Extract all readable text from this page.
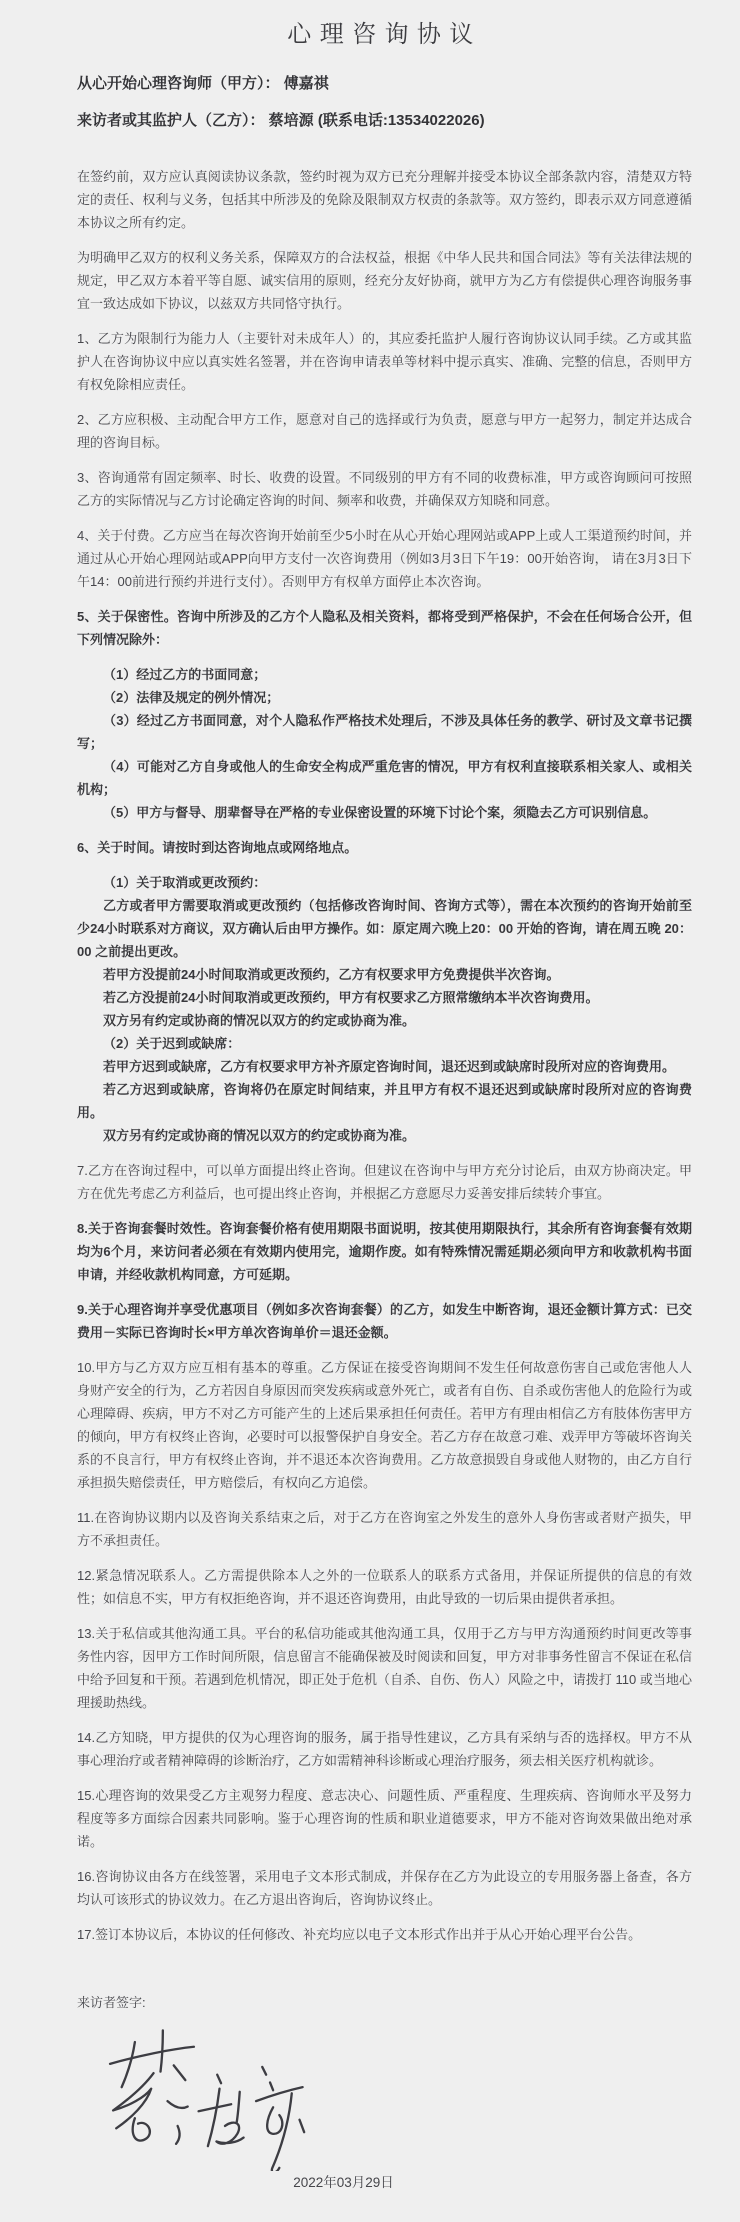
心理咨询协议

从心开始心理咨询师（甲方）： 傅嘉祺

来访者或其监护人（乙方）： 蔡培源 (联系电话:13534022026)

在签约前，双方应认真阅读协议条款，签约时视为双方已充分理解并接受本协议全部条款内容，清楚双方特定的责任、权利与义务，包括其中所涉及的免除及限制双方权责的条款等。双方签约，即表示双方同意遵循本协议之所有约定。

为明确甲乙双方的权利义务关系，保障双方的合法权益，根据《中华人民共和国合同法》等有关法律法规的规定，甲乙双方本着平等自愿、诚实信用的原则，经充分友好协商，就甲方为乙方有偿提供心理咨询服务事宜一致达成如下协议，以兹双方共同恪守执行。

1、乙方为限制行为能力人（主要针对未成年人）的，其应委托监护人履行咨询协议认同手续。乙方或其监护人在咨询协议中应以真实姓名签署，并在咨询申请表单等材料中提示真实、准确、完整的信息，否则甲方有权免除相应责任。

2、乙方应积极、主动配合甲方工作，愿意对自己的选择或行为负责，愿意与甲方一起努力，制定并达成合理的咨询目标。

3、咨询通常有固定频率、时长、收费的设置。不同级别的甲方有不同的收费标准，甲方或咨询顾问可按照乙方的实际情况与乙方讨论确定咨询的时间、频率和收费，并确保双方知晓和同意。

4、关于付费。乙方应当在每次咨询开始前至少5小时在从心开始心理网站或APP上或人工渠道预约时间，并通过从心开始心理网站或APP向甲方支付一次咨询费用（例如3月3日下午19：00开始咨询， 请在3月3日下午14：00前进行预约并进行支付）。否则甲方有权单方面停止本次咨询。

5、关于保密性。咨询中所涉及的乙方个人隐私及相关资料，都将受到严格保护，不会在任何场合公开，但下列情况除外：

（1）经过乙方的书面同意；

（2）法律及规定的例外情况；

（3）经过乙方书面同意，对个人隐私作严格技术处理后，不涉及具体任务的教学、研讨及文章书记撰写；

（4）可能对乙方自身或他人的生命安全构成严重危害的情况，甲方有权利直接联系相关家人、或相关机构；

（5）甲方与督导、朋辈督导在严格的专业保密设置的环境下讨论个案，须隐去乙方可识别信息。

6、关于时间。请按时到达咨询地点或网络地点。

（1）关于取消或更改预约：

乙方或者甲方需要取消或更改预约（包括修改咨询时间、咨询方式等），需在本次预约的咨询开始前至少24小时联系对方商议，双方确认后由甲方操作。如：原定周六晚上20：00 开始的咨询，请在周五晚 20：00 之前提出更改。

若甲方没提前24小时间取消或更改预约，乙方有权要求甲方免费提供半次咨询。

若乙方没提前24小时间取消或更改预约，甲方有权要求乙方照常缴纳本半次咨询费用。

双方另有约定或协商的情况以双方的约定或协商为准。

（2）关于迟到或缺席：

若甲方迟到或缺席，乙方有权要求甲方补齐原定咨询时间，退还迟到或缺席时段所对应的咨询费用。

若乙方迟到或缺席，咨询将仍在原定时间结束，并且甲方有权不退还迟到或缺席时段所对应的咨询费用。

双方另有约定或协商的情况以双方的约定或协商为准。

7.乙方在咨询过程中，可以单方面提出终止咨询。但建议在咨询中与甲方充分讨论后，由双方协商决定。甲方在优先考虑乙方利益后，也可提出终止咨询，并根据乙方意愿尽力妥善安排后续转介事宜。

8.关于咨询套餐时效性。咨询套餐价格有使用期限书面说明，按其使用期限执行，其余所有咨询套餐有效期均为6个月，来访问者必须在有效期内使用完，逾期作废。如有特殊情况需延期必须向甲方和收款机构书面申请，并经收款机构同意，方可延期。

9.关于心理咨询并享受优惠项目（例如多次咨询套餐）的乙方，如发生中断咨询，退还金额计算方式：已交费用－实际已咨询时长×甲方单次咨询单价＝退还金额。

10.甲方与乙方双方应互相有基本的尊重。乙方保证在接受咨询期间不发生任何故意伤害自己或危害他人人身财产安全的行为，乙方若因自身原因而突发疾病或意外死亡，或者有自伤、自杀或伤害他人的危险行为或心理障碍、疾病，甲方不对乙方可能产生的上述后果承担任何责任。若甲方有理由相信乙方有肢体伤害甲方的倾向，甲方有权终止咨询，必要时可以报警保护自身安全。若乙方存在故意刁难、戏弄甲方等破坏咨询关系的不良言行，甲方有权终止咨询，并不退还本次咨询费用。乙方故意损毁自身或他人财物的，由乙方自行承担损失赔偿责任，甲方赔偿后，有权向乙方追偿。

11.在咨询协议期内以及咨询关系结束之后，对于乙方在咨询室之外发生的意外人身伤害或者财产损失，甲方不承担责任。

12.紧急情况联系人。乙方需提供除本人之外的一位联系人的联系方式备用，并保证所提供的信息的有效性；如信息不实，甲方有权拒绝咨询，并不退还咨询费用，由此导致的一切后果由提供者承担。

13.关于私信或其他沟通工具。平台的私信功能或其他沟通工具，仅用于乙方与甲方沟通预约时间更改等事务性内容，因甲方工作时间所限，信息留言不能确保被及时阅读和回复，甲方对非事务性留言不保证在私信中给予回复和干预。若遇到危机情况，即正处于危机（自杀、自伤、伤人）风险之中，请拨打 110 或当地心理援助热线。

14.乙方知晓，甲方提供的仅为心理咨询的服务，属于指导性建议，乙方具有采纳与否的选择权。甲方不从事心理治疗或者精神障碍的诊断治疗，乙方如需精神科诊断或心理治疗服务，须去相关医疗机构就诊。

15.心理咨询的效果受乙方主观努力程度、意志决心、问题性质、严重程度、生理疾病、咨询师水平及努力程度等多方面综合因素共同影响。鉴于心理咨询的性质和职业道德要求，甲方不能对咨询效果做出绝对承诺。

16.咨询协议由各方在线签署，采用电子文本形式制成，并保存在乙方为此设立的专用服务器上备查，各方均认可该形式的协议效力。在乙方退出咨询后，咨询协议终止。

17.签订本协议后，本协议的任何修改、补充均应以电子文本形式作出并于从心开始心理平台公告。

来访者签字:

2022年03月29日
